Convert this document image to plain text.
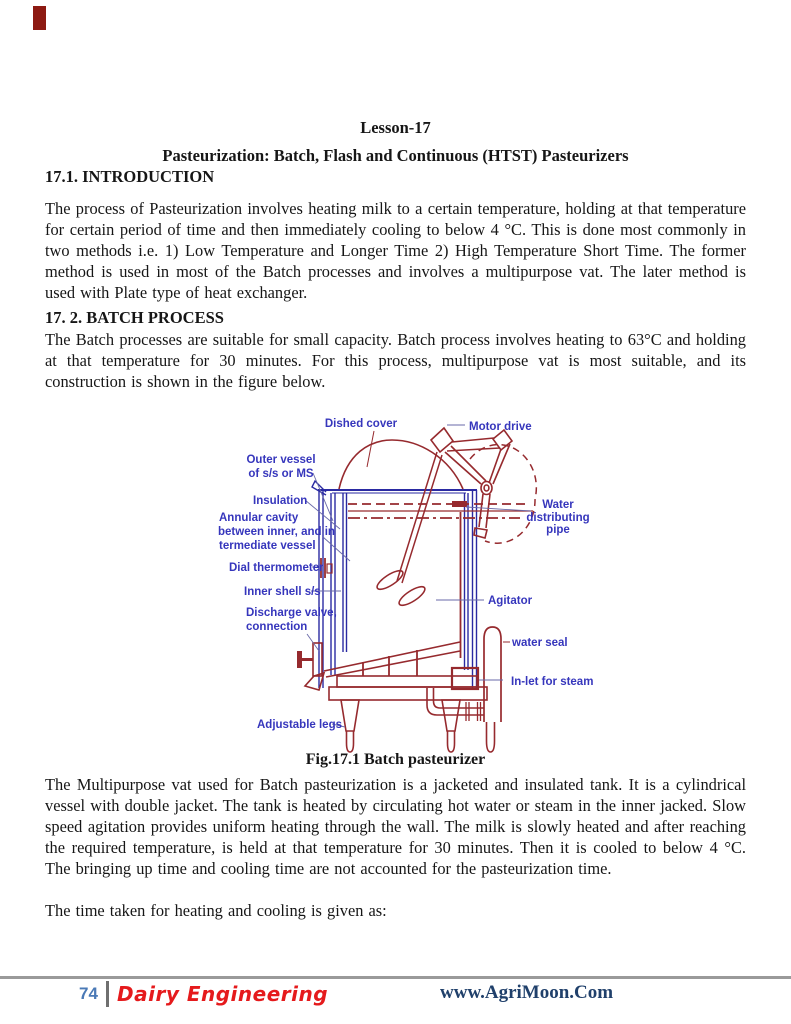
Lesson-17
Pasteurization: Batch, Flash and Continuous (HTST) Pasteurizers
17.1. INTRODUCTION

The process of Pasteurization involves heating milk to a certain temperature, holding at that temperature for certain period of time and then immediately cooling to below 4 °C. This is done most commonly in two methods i.e. 1) Low Temperature and Longer Time 2) High Temperature Short Time. The former method is used in most of the Batch processes and involves a multipurpose vat. The later method is used with Plate type of heat exchanger.

17. 2. BATCH PROCESS

The Batch processes are suitable for small capacity. Batch process involves heating to 63°C and holding at that temperature for 30 minutes. For this process, multipurpose vat is most suitable, and its construction is shown in the figure below.

Dished cover	Motor drive
Outer vessel
of s/s or MS
Insulation
Annular cavity
between inner, and in
termediate vessel
Dial thermometer
Inner shell s/s
Discharge valve,
connection
Adjustable legs
Water
distributing
pipe
Agitator
water seal
In-let for steam
Fig.17.1 Batch pasteurizer

The Multipurpose vat used for Batch pasteurization is a jacketed and insulated tank. It is a cylindrical vessel with double jacket. The tank is heated by circulating hot water or steam in the inner jacked. Slow speed agitation provides uniform heating through the wall. The milk is slowly heated and after reaching the required temperature, is held at that temperature for 30 minutes. Then it is cooled to below 4 °C. The bringing up time and cooling time are not accounted for the pasteurization time.

The time taken for heating and cooling is given as:

74 Dairy Engineering	www.AgriMoon.Com
